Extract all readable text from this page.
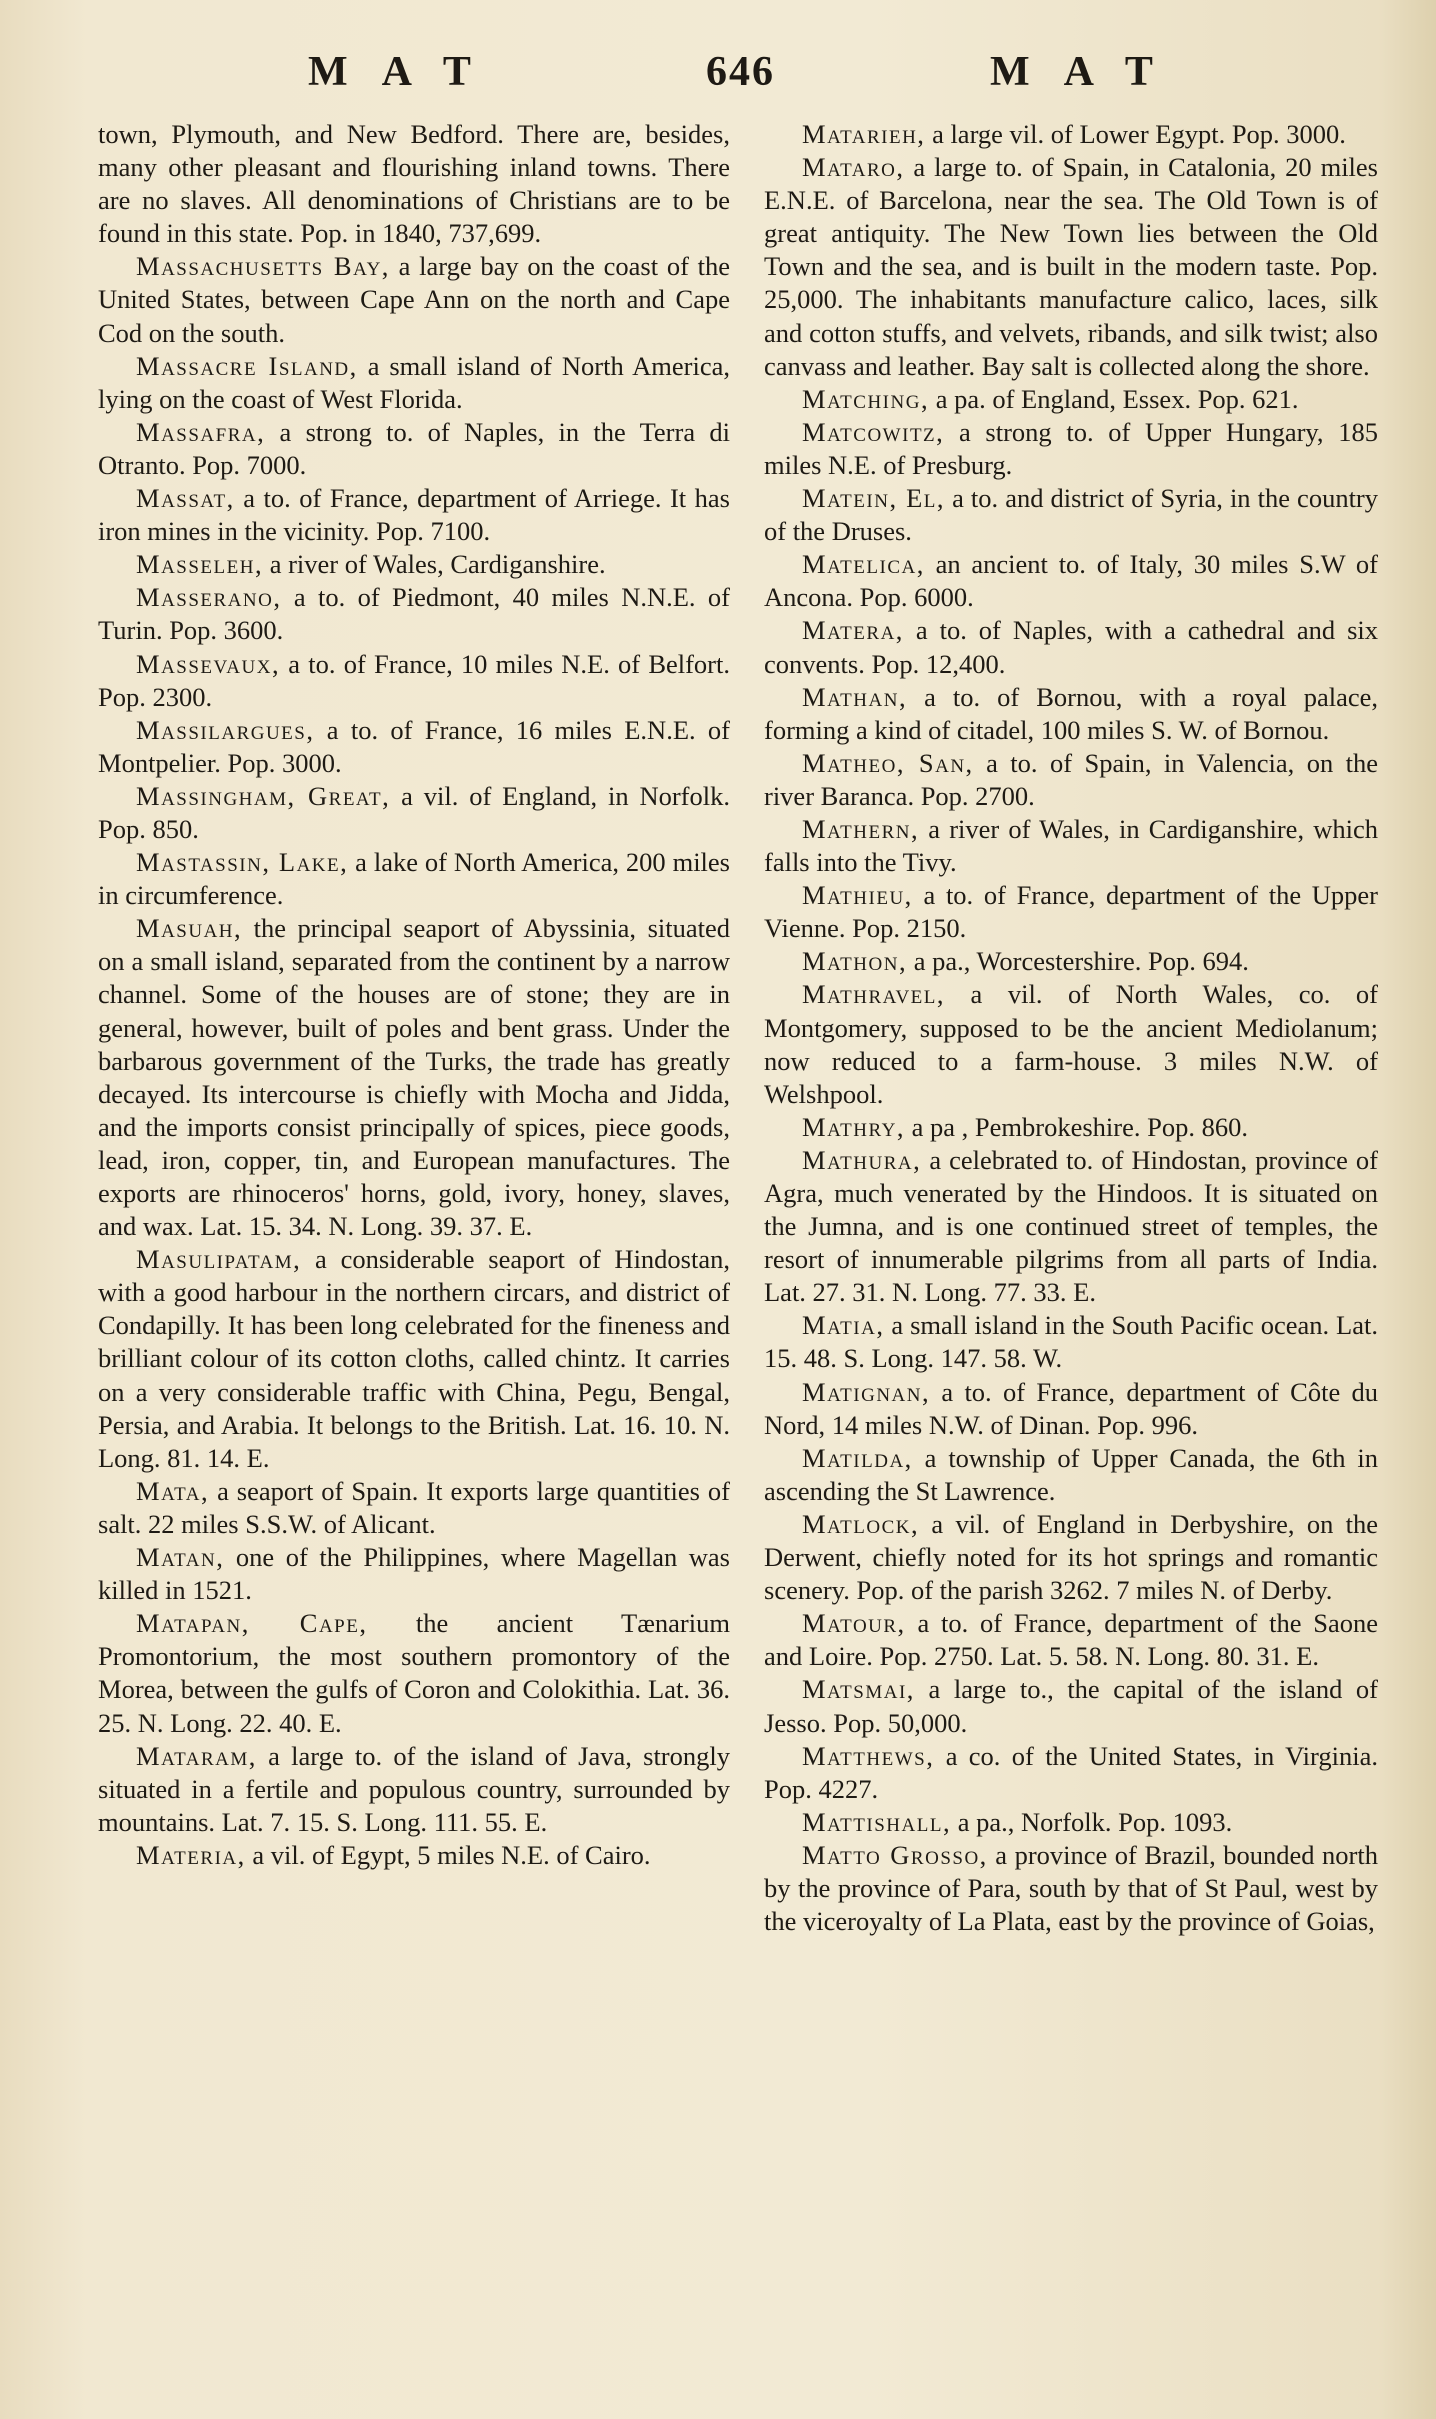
MAT	646	MAT

town, Plymouth, and New Bedford. There are, besides, many other pleasant and flourishing inland towns. There are no slaves. All denominations of Christians are to be found in this state. Pop. in 1840, 737,699.

Massachusetts Bay, a large bay on the coast of the United States, between Cape Ann on the north and Cape Cod on the south.

Massacre Island, a small island of North America, lying on the coast of West Florida.

Massafra, a strong to. of Naples, in the Terra di Otranto. Pop. 7000.

Massat, a to. of France, department of Arriege. It has iron mines in the vicinity. Pop. 7100.

Masseleh, a river of Wales, Cardiganshire.

Masserano, a to. of Piedmont, 40 miles N.N.E. of Turin. Pop. 3600.

Massevaux, a to. of France, 10 miles N.E. of Belfort. Pop. 2300.

Massilargues, a to. of France, 16 miles E.N.E. of Montpelier. Pop. 3000.

Massingham, Great, a vil. of England, in Norfolk. Pop. 850.

Mastassin, Lake, a lake of North America, 200 miles in circumference.

Masuah, the principal seaport of Abyssinia, situated on a small island, separated from the continent by a narrow channel. Some of the houses are of stone; they are in general, however, built of poles and bent grass. Under the barbarous government of the Turks, the trade has greatly decayed. Its intercourse is chiefly with Mocha and Jidda, and the imports consist principally of spices, piece goods, lead, iron, copper, tin, and European manufactures. The exports are rhinoceros' horns, gold, ivory, honey, slaves, and wax. Lat. 15. 34. N. Long. 39. 37. E.

Masulipatam, a considerable seaport of Hindostan, with a good harbour in the northern circars, and district of Condapilly. It has been long celebrated for the fineness and brilliant colour of its cotton cloths, called chintz. It carries on a very considerable traffic with China, Pegu, Bengal, Persia, and Arabia. It belongs to the British. Lat. 16. 10. N. Long. 81. 14. E.

Mata, a seaport of Spain. It exports large quantities of salt. 22 miles S.S.W. of Alicant.

Matan, one of the Philippines, where Magellan was killed in 1521.

Matapan, Cape, the ancient Tænarium Promontorium, the most southern promontory of the Morea, between the gulfs of Coron and Colokithia. Lat. 36. 25. N. Long. 22. 40. E.

Mataram, a large to. of the island of Java, strongly situated in a fertile and populous country, surrounded by mountains. Lat. 7. 15. S. Long. 111. 55. E.

Materia, a vil. of Egypt, 5 miles N.E. of Cairo.

Matarieh, a large vil. of Lower Egypt. Pop. 3000.

Mataro, a large to. of Spain, in Catalonia, 20 miles E.N.E. of Barcelona, near the sea. The Old Town is of great antiquity. The New Town lies between the Old Town and the sea, and is built in the modern taste. Pop. 25,000. The inhabitants manufacture calico, laces, silk and cotton stuffs, and velvets, ribands, and silk twist; also canvass and leather. Bay salt is collected along the shore.

Matching, a pa. of England, Essex. Pop. 621.

Matcowitz, a strong to. of Upper Hungary, 185 miles N.E. of Presburg.

Matein, El, a to. and district of Syria, in the country of the Druses.

Matelica, an ancient to. of Italy, 30 miles S.W of Ancona. Pop. 6000.

Matera, a to. of Naples, with a cathedral and six convents. Pop. 12,400.

Mathan, a to. of Bornou, with a royal palace, forming a kind of citadel, 100 miles S. W. of Bornou.

Matheo, San, a to. of Spain, in Valencia, on the river Baranca. Pop. 2700.

Mathern, a river of Wales, in Cardiganshire, which falls into the Tivy.

Mathieu, a to. of France, department of the Upper Vienne. Pop. 2150.

Mathon, a pa., Worcestershire. Pop. 694.

Mathravel, a vil. of North Wales, co. of Montgomery, supposed to be the ancient Mediolanum; now reduced to a farm-house. 3 miles N.W. of Welshpool.

Mathry, a pa , Pembrokeshire. Pop. 860.

Mathura, a celebrated to. of Hindostan, province of Agra, much venerated by the Hindoos. It is situated on the Jumna, and is one continued street of temples, the resort of innumerable pilgrims from all parts of India. Lat. 27. 31. N. Long. 77. 33. E.

Matia, a small island in the South Pacific ocean. Lat. 15. 48. S. Long. 147. 58. W.

Matignan, a to. of France, department of Côte du Nord, 14 miles N.W. of Dinan. Pop. 996.

Matilda, a township of Upper Canada, the 6th in ascending the St Lawrence.

Matlock, a vil. of England in Derbyshire, on the Derwent, chiefly noted for its hot springs and romantic scenery. Pop. of the parish 3262. 7 miles N. of Derby.

Matour, a to. of France, department of the Saone and Loire. Pop. 2750. Lat. 5. 58. N. Long. 80. 31. E.

Matsmai, a large to., the capital of the island of Jesso. Pop. 50,000.

Matthews, a co. of the United States, in Virginia. Pop. 4227.

Mattishall, a pa., Norfolk. Pop. 1093.

Matto Grosso, a province of Brazil, bounded north by the province of Para, south by that of St Paul, west by the viceroyalty of La Plata, east by the province of Goias,
